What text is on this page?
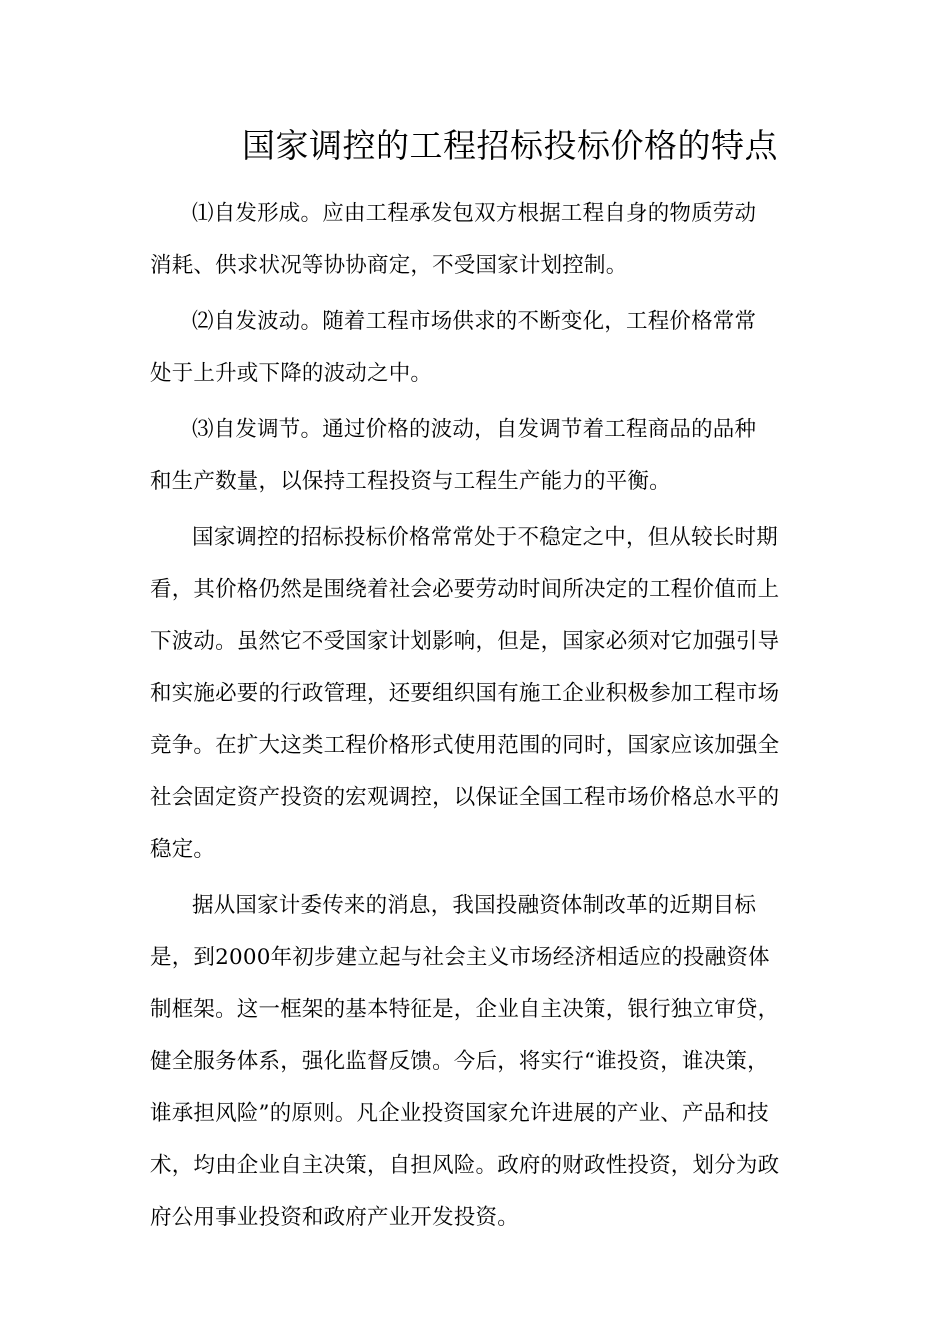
国家调控的工程招标投标价格的特点

⑴自发形成。应由工程承发包双方根据工程自身的物质劳动
消耗、供求状况等协协商定，不受国家计划控制。

⑵自发波动。随着工程市场供求的不断变化，工程价格常常
处于上升或下降的波动之中。

⑶自发调节。通过价格的波动，自发调节着工程商品的品种
和生产数量，以保持工程投资与工程生产能力的平衡。

国家调控的招标投标价格常常处于不稳定之中，但从较长时期
看，其价格仍然是围绕着社会必要劳动时间所决定的工程价值而上
下波动。虽然它不受国家计划影响，但是，国家必须对它加强引导
和实施必要的行政管理，还要组织国有施工企业积极参加工程市场
竞争。在扩大这类工程价格形式使用范围的同时，国家应该加强全
社会固定资产投资的宏观调控，以保证全国工程市场价格总水平的
稳定。

据从国家计委传来的消息，我国投融资体制改革的近期目标
是，到2000年初步建立起与社会主义市场经济相适应的投融资体
制框架。这一框架的基本特征是，企业自主决策，银行独立审贷，
健全服务体系，强化监督反馈。今后，将实行“谁投资，谁决策，
谁承担风险”的原则。凡企业投资国家允许进展的产业、产品和技
术，均由企业自主决策，自担风险。政府的财政性投资，划分为政
府公用事业投资和政府产业开发投资。
